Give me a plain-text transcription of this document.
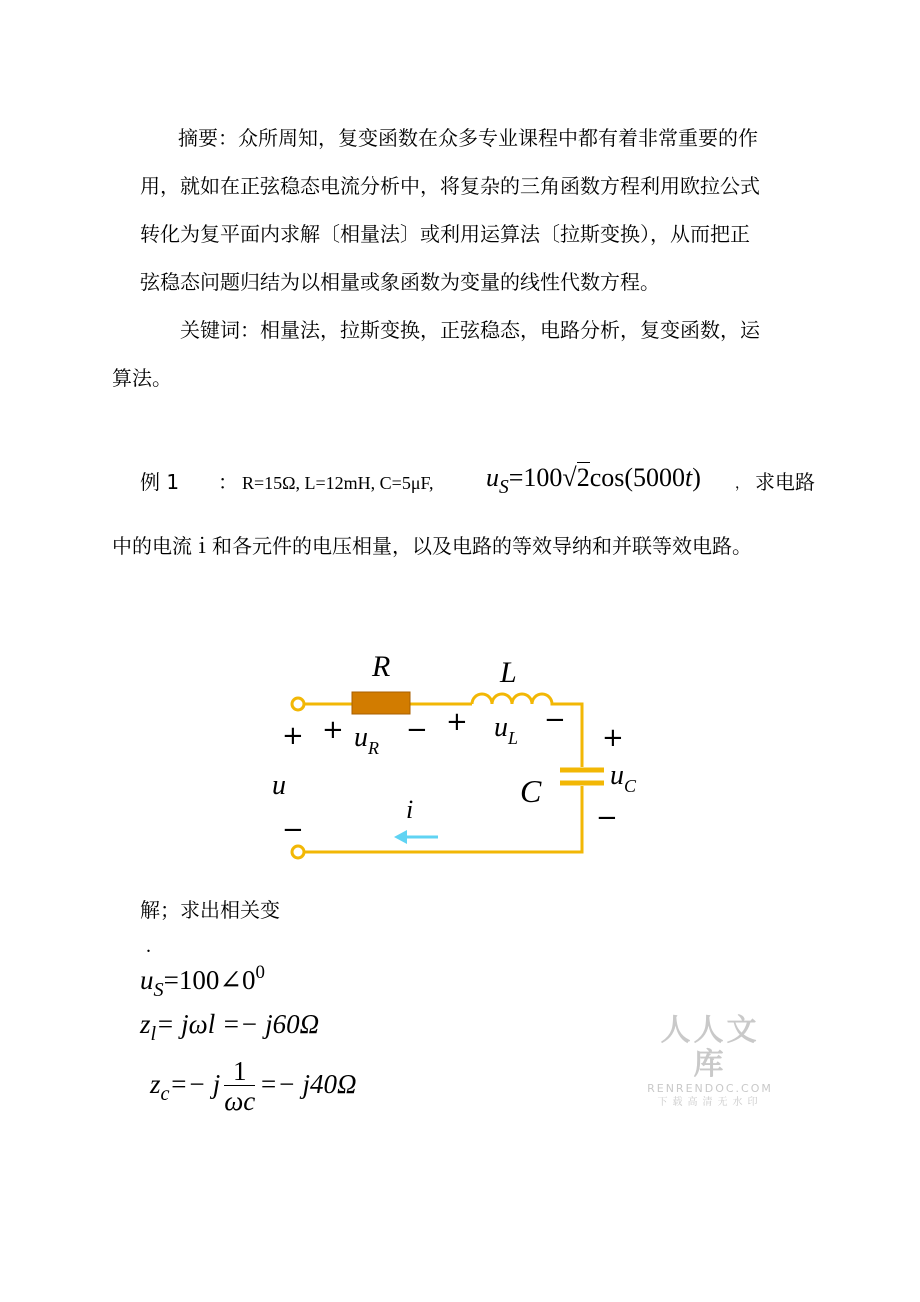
摘要：众所周知，复变函数在众多专业课程中都有着非常重要的作
用，就如在正弦稳态电流分析中，将复杂的三角函数方程利用欧拉公式
转化为复平面内求解〔相量法〕或利用运算法〔拉斯变换），从而把正
弦稳态问题归结为以相量或象函数为变量的线性代数方程。
关键词：相量法，拉斯变换，正弦稳态，电路分析，复变函数，运
算法。
例 1 ： R=15Ω, L=12mH, C=5μF, $u_S=100√2\cos(5000t)$ ， 求电路
中的电流ｉ和各元件的电压相量，以及电路的等效导纳和并联等效电路。
R	L
C
u
i
$u_R$
$u_L$
$u_C$
+
−
+ − +	−
+
−
解；求出相关变
.
$u_S=100\angle 0^0$
$z_l= j\omega l =- j60\Omega$
$z_c=- j \frac{1}{\omega c} =- j40\Omega$
人人文库
RENRENDOC.COM
下载高清无水印
